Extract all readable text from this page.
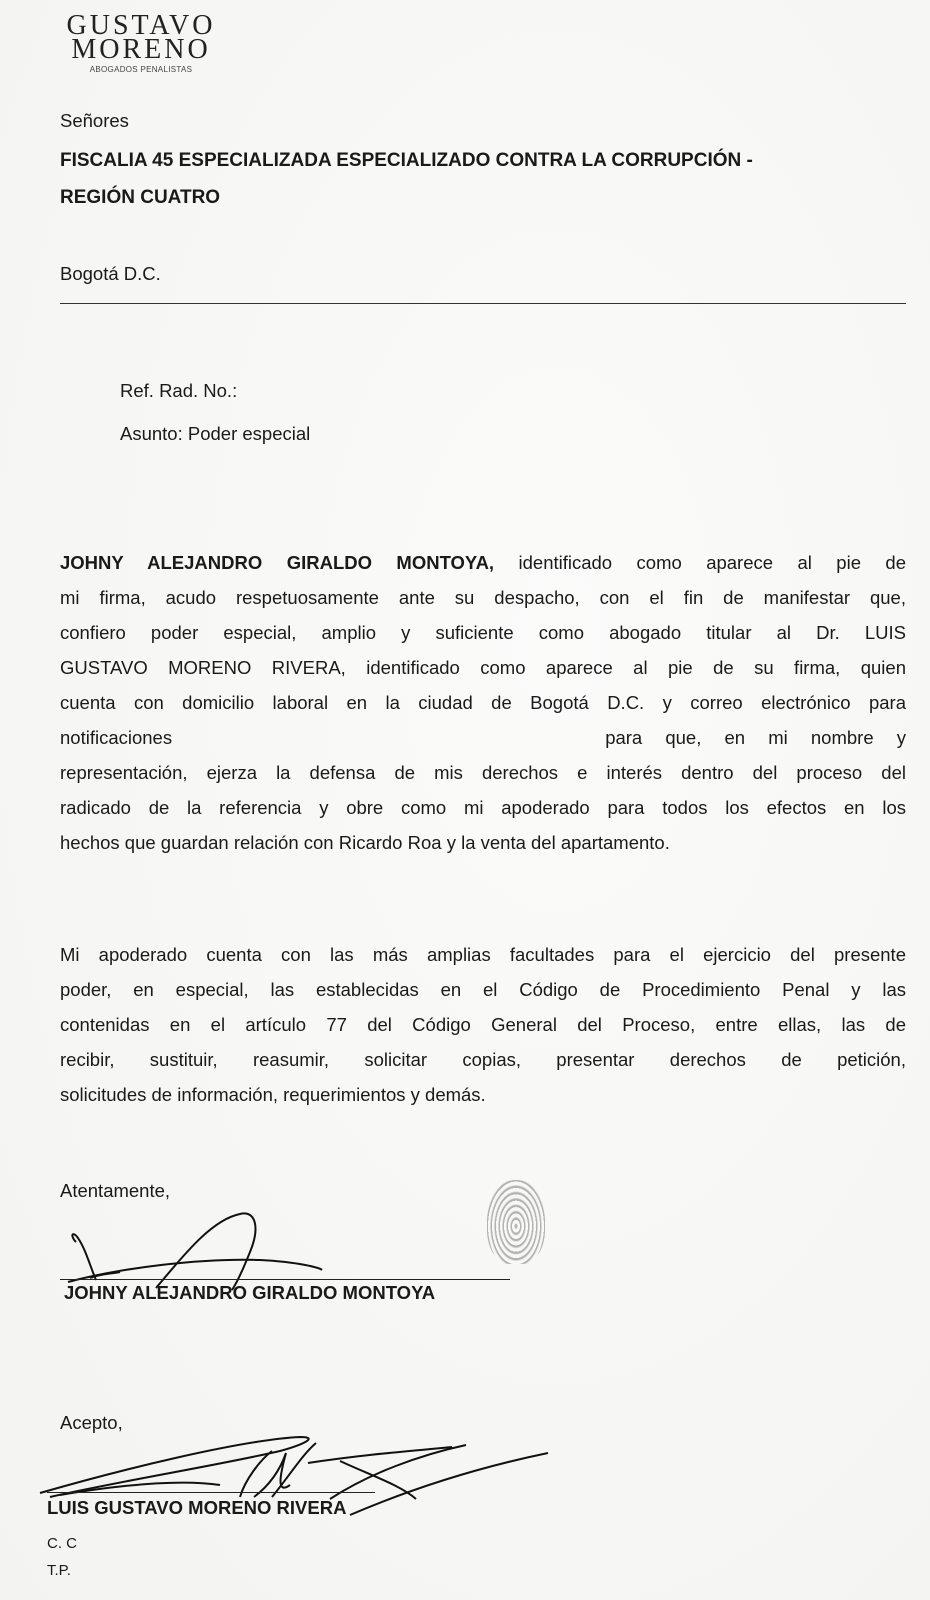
GUSTAVO
MORENO
ABOGADOS PENALISTAS
Señores
FISCALIA 45 ESPECIALIZADA ESPECIALIZADO CONTRA LA CORRUPCIÓN -
REGIÓN CUATRO
Bogotá D.C.
Ref. Rad. No.:
Asunto: Poder especial
JOHNY ALEJANDRO GIRALDO MONTOYA, identificado como aparece al pie de
mi firma, acudo respetuosamente ante su despacho, con el fin de manifestar que,
confiero poder especial, amplio y suficiente como abogado titular al Dr. LUIS
GUSTAVO MORENO RIVERA, identificado como aparece al pie de su firma, quien
cuenta con domicilio laboral en la ciudad de Bogotá D.C. y correo electrónico para
notificaciones	para que, en mi nombre y
representación, ejerza la defensa de mis derechos e interés dentro del proceso del
radicado de la referencia y obre como mi apoderado para todos los efectos en los
hechos que guardan relación con Ricardo Roa y la venta del apartamento.
Mi apoderado cuenta con las más amplias facultades para el ejercicio del presente
poder, en especial, las establecidas en el Código de Procedimiento Penal y las
contenidas en el artículo 77 del Código General del Proceso, entre ellas, las de
recibir, sustituir, reasumir, solicitar copias, presentar derechos de petición,
solicitudes de información, requerimientos y demás.
Atentamente,
JOHNY ALEJANDRO GIRALDO MONTOYA
Acepto,
LUIS GUSTAVO MORENO RIVERA
C. C
T.P.
